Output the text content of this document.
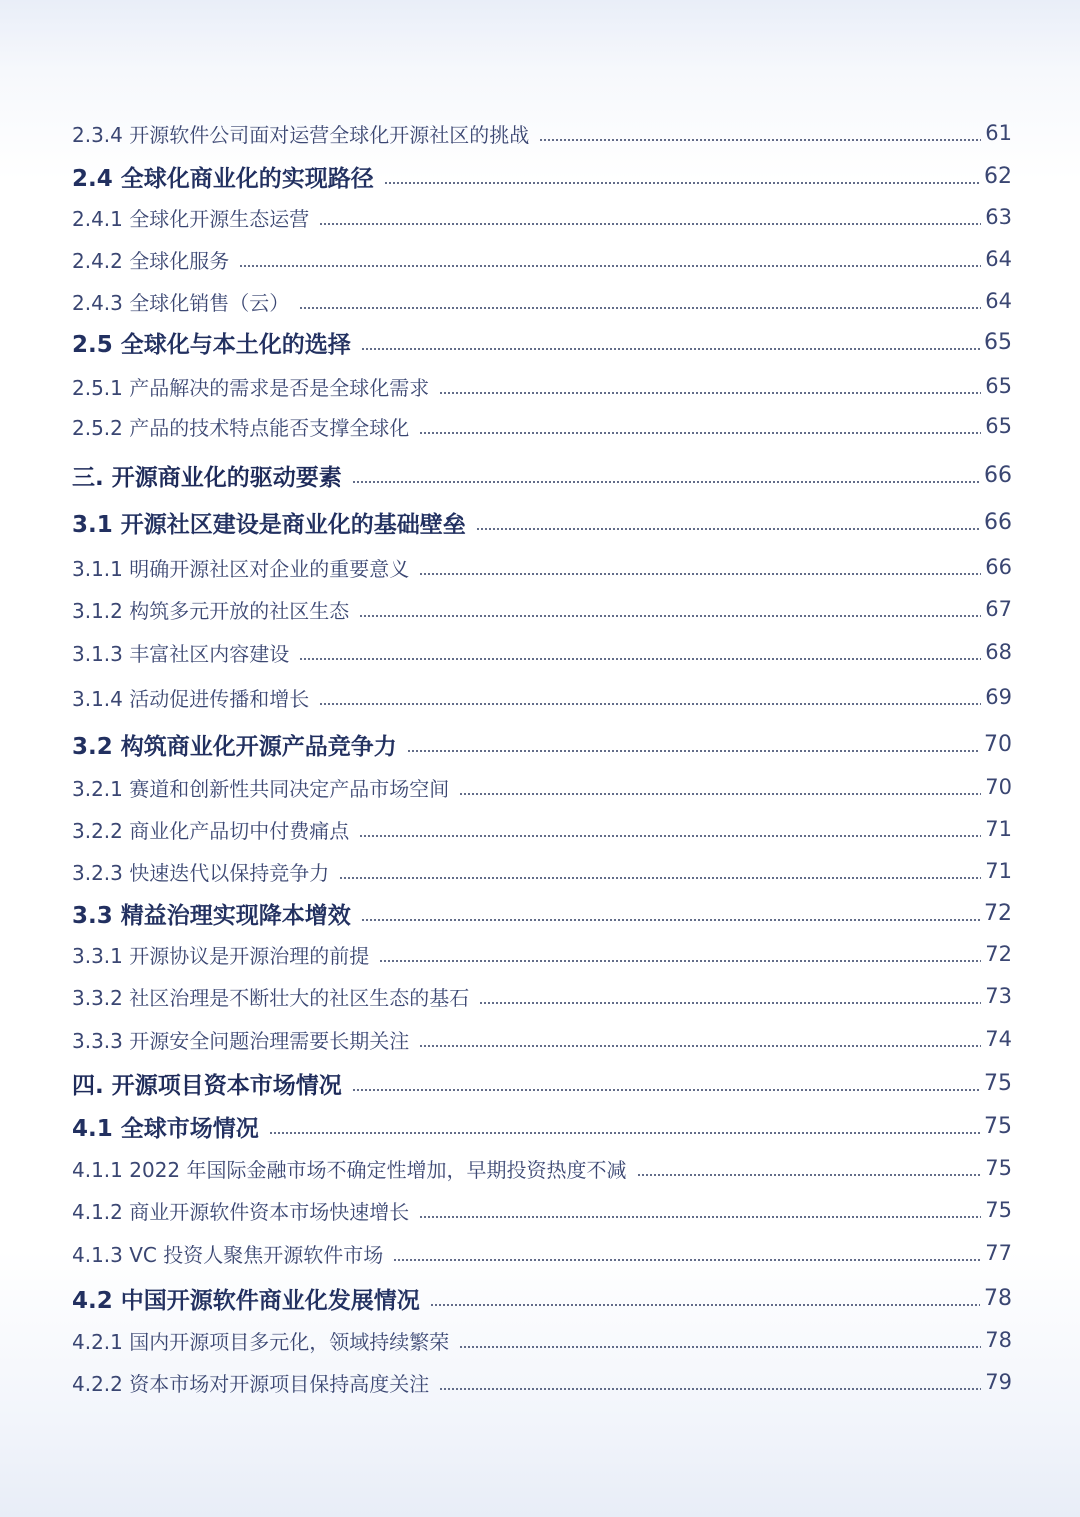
2.3.4 开源软件公司面对运营全球化开源社区的挑战	61
2.4 全球化商业化的实现路径	62
2.4.1 全球化开源生态运营	63
2.4.2 全球化服务	64
2.4.3 全球化销售（云）	64
2.5 全球化与本土化的选择	65
2.5.1 产品解决的需求是否是全球化需求	65
2.5.2 产品的技术特点能否支撑全球化	65
三. 开源商业化的驱动要素	66
3.1 开源社区建设是商业化的基础壁垒	66
3.1.1 明确开源社区对企业的重要意义	66
3.1.2 构筑多元开放的社区生态	67
3.1.3 丰富社区内容建设	68
3.1.4 活动促进传播和增长	69
3.2 构筑商业化开源产品竞争力	70
3.2.1 赛道和创新性共同决定产品市场空间	70
3.2.2 商业化产品切中付费痛点	71
3.2.3 快速迭代以保持竞争力	71
3.3 精益治理实现降本增效	72
3.3.1 开源协议是开源治理的前提	72
3.3.2 社区治理是不断壮大的社区生态的基石	73
3.3.3 开源安全问题治理需要长期关注	74
四. 开源项目资本市场情况	75
4.1 全球市场情况	75
4.1.1 2022 年国际金融市场不确定性增加，早期投资热度不减	75
4.1.2 商业开源软件资本市场快速增长	75
4.1.3 VC 投资人聚焦开源软件市场	77
4.2 中国开源软件商业化发展情况	78
4.2.1 国内开源项目多元化，领域持续繁荣	78
4.2.2 资本市场对开源项目保持高度关注	79
